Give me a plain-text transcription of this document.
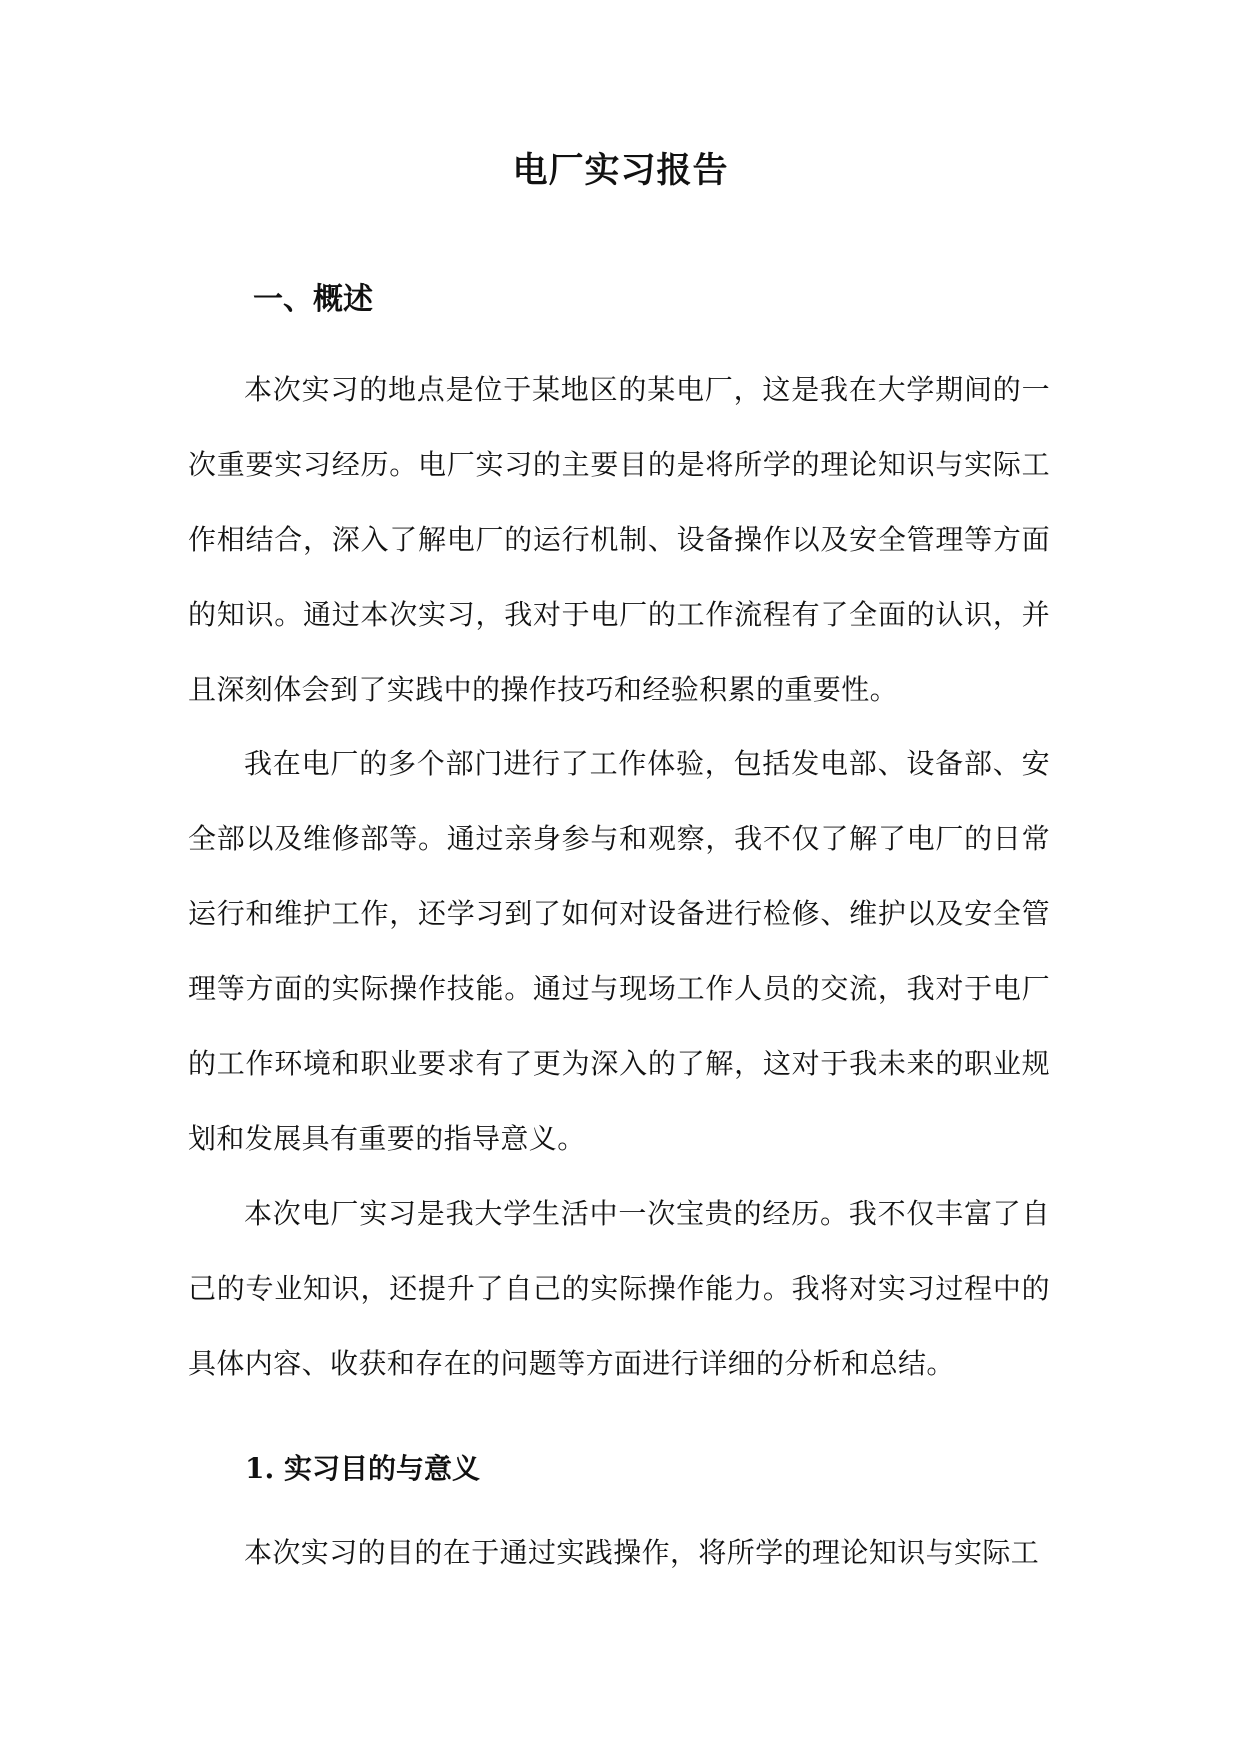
电厂实习报告
一、概述

本次实习的地点是位于某地区的某电厂，这是我在大学期间的一次重要实习经历。电厂实习的主要目的是将所学的理论知识与实际工作相结合，深入了解电厂的运行机制、设备操作以及安全管理等方面的知识。通过本次实习，我对于电厂的工作流程有了全面的认识，并且深刻体会到了实践中的操作技巧和经验积累的重要性。

我在电厂的多个部门进行了工作体验，包括发电部、设备部、安全部以及维修部等。通过亲身参与和观察，我不仅了解了电厂的日常运行和维护工作，还学习到了如何对设备进行检修、维护以及安全管理等方面的实际操作技能。通过与现场工作人员的交流，我对于电厂的工作环境和职业要求有了更为深入的了解，这对于我未来的职业规划和发展具有重要的指导意义。

本次电厂实习是我大学生活中一次宝贵的经历。我不仅丰富了自己的专业知识，还提升了自己的实际操作能力。我将对实习过程中的具体内容、收获和存在的问题等方面进行详细的分析和总结。

1. 实习目的与意义

本次实习的目的在于通过实践操作，将所学的理论知识与实际工
